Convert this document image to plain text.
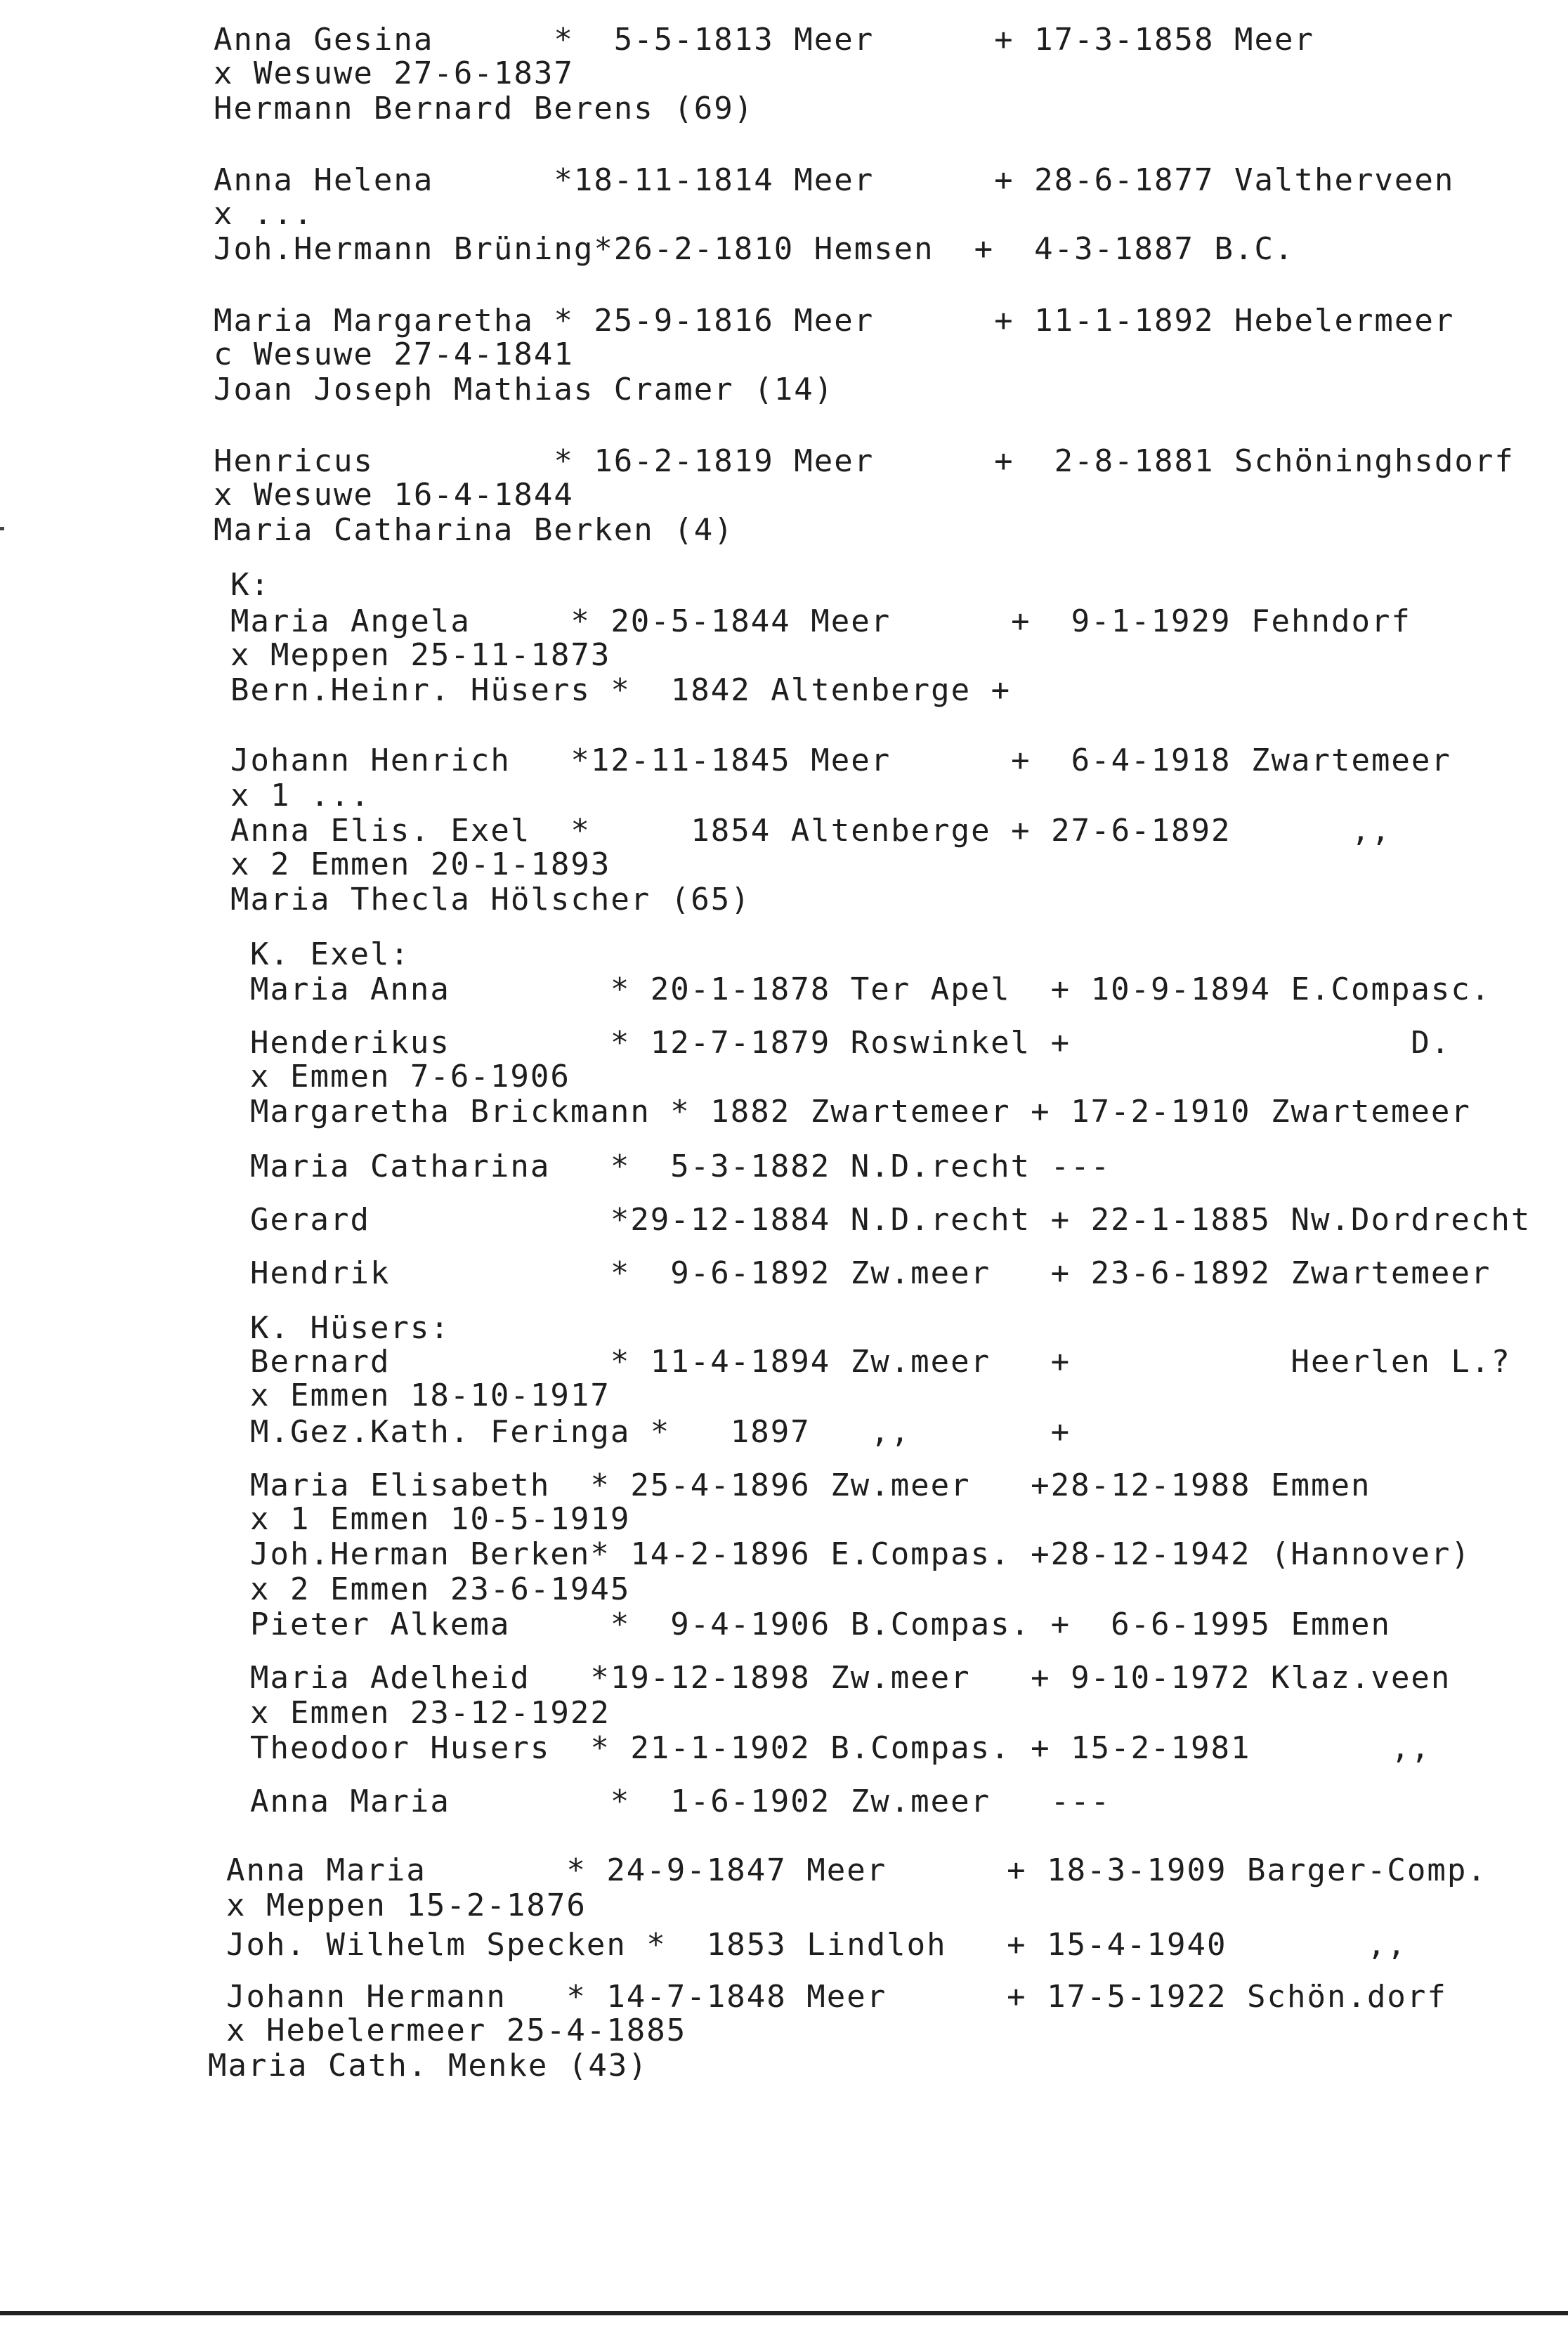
Anna Gesina      *  5-5-1813 Meer      + 17-3-1858 Meer
x Wesuwe 27-6-1837
Hermann Bernard Berens (69)
Anna Helena      *18-11-1814 Meer      + 28-6-1877 Valtherveen
x ...
Joh.Hermann Brüning*26-2-1810 Hemsen  +  4-3-1887 B.C.
Maria Margaretha * 25-9-1816 Meer      + 11-1-1892 Hebelermeer
c Wesuwe 27-4-1841
Joan Joseph Mathias Cramer (14)
Henricus         * 16-2-1819 Meer      +  2-8-1881 Schöninghsdorf
x Wesuwe 16-4-1844
Maria Catharina Berken (4)
K:
Maria Angela     * 20-5-1844 Meer      +  9-1-1929 Fehndorf
x Meppen 25-11-1873
Bern.Heinr. Hüsers *  1842 Altenberge +
Johann Henrich   *12-11-1845 Meer      +  6-4-1918 Zwartemeer
x 1 ...
Anna Elis. Exel  *     1854 Altenberge + 27-6-1892      ,,
x 2 Emmen 20-1-1893
Maria Thecla Hölscher (65)
K. Exel:
Maria Anna        * 20-1-1878 Ter Apel  + 10-9-1894 E.Compasc.
Henderikus        * 12-7-1879 Roswinkel +                 D.
x Emmen 7-6-1906
Margaretha Brickmann * 1882 Zwartemeer + 17-2-1910 Zwartemeer
Maria Catharina   *  5-3-1882 N.D.recht ---
Gerard            *29-12-1884 N.D.recht + 22-1-1885 Nw.Dordrecht
Hendrik           *  9-6-1892 Zw.meer   + 23-6-1892 Zwartemeer
K. Hüsers:
Bernard           * 11-4-1894 Zw.meer   +           Heerlen L.?
x Emmen 18-10-1917
M.Gez.Kath. Feringa *   1897   ,,       +
Maria Elisabeth  * 25-4-1896 Zw.meer   +28-12-1988 Emmen
x 1 Emmen 10-5-1919
Joh.Herman Berken* 14-2-1896 E.Compas. +28-12-1942 (Hannover)
x 2 Emmen 23-6-1945
Pieter Alkema     *  9-4-1906 B.Compas. +  6-6-1995 Emmen
Maria Adelheid   *19-12-1898 Zw.meer   + 9-10-1972 Klaz.veen
x Emmen 23-12-1922
Theodoor Husers  * 21-1-1902 B.Compas. + 15-2-1981       ,,
Anna Maria        *  1-6-1902 Zw.meer   ---
Anna Maria       * 24-9-1847 Meer      + 18-3-1909 Barger-Comp.
x Meppen 15-2-1876
Joh. Wilhelm Specken *  1853 Lindloh   + 15-4-1940       ,,
Johann Hermann   * 14-7-1848 Meer      + 17-5-1922 Schön.dorf
x Hebelermeer 25-4-1885
Maria Cath. Menke (43)
